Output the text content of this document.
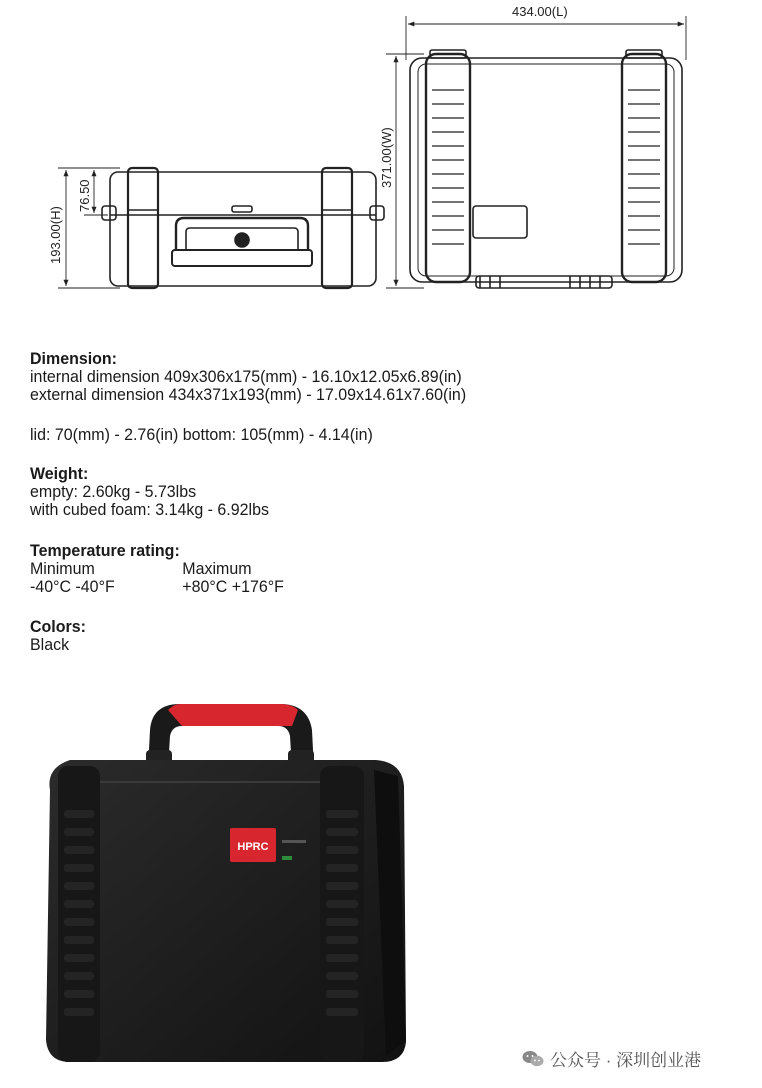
193.00(H)
76.50
434.00(L)
371.00(W)
Dimension:
internal dimension 409x306x175(mm) - 16.10x12.05x6.89(in)
external dimension 434x371x193(mm) - 17.09x14.61x7.60(in)
lid: 70(mm) - 2.76(in) bottom: 105(mm) - 4.14(in)
Weight:
empty: 2.60kg - 5.73lbs
with cubed foam: 3.14kg - 6.92lbs
Temperature rating:
Minimum	Maximum
-40°C -40°F	+80°C +176°F
Colors:
Black
HPRC
公众号 · 深圳创业港
